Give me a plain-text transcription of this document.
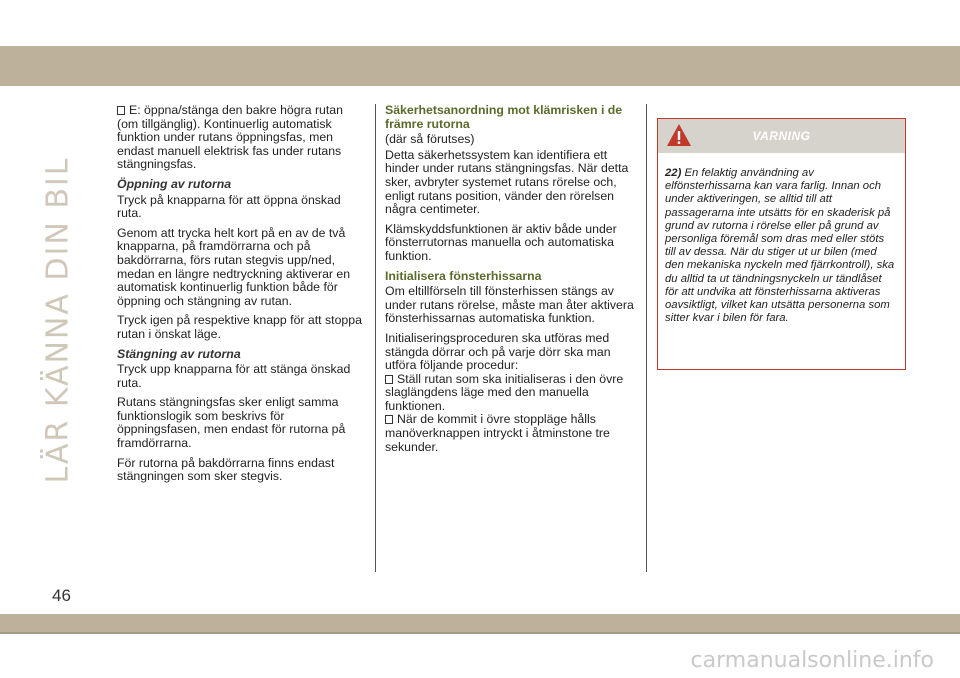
LÄR KÄNNA DIN BIL

E: öppna/stänga den bakre högra rutan (om tillgänglig). Kontinuerlig automatisk funktion under rutans öppningsfas, men endast manuell elektrisk fas under rutans stängningsfas.

Öppning av rutorna

Tryck på knapparna för att öppna önskad ruta.

Genom att trycka helt kort på en av de två knapparna, på framdörrarna och på bakdörrarna, förs rutan stegvis upp/ned, medan en längre nedtryckning aktiverar en automatisk kontinuerlig funktion både för öppning och stängning av rutan.

Tryck igen på respektive knapp för att stoppa rutan i önskat läge.

Stängning av rutorna

Tryck upp knapparna för att stänga önskad ruta.

Rutans stängningsfas sker enligt samma funktionslogik som beskrivs för öppningsfasen, men endast för rutorna på framdörrarna.

För rutorna på bakdörrarna finns endast stängningen som sker stegvis.

Säkerhetsanordning mot klämrisken i de främre rutorna

(där så förutses)

Detta säkerhetssystem kan identifiera ett hinder under rutans stängningsfas. När detta sker, avbryter systemet rutans rörelse och, enligt rutans position, vänder den rörelsen några centimeter.

Klämskyddsfunktionen är aktiv både under fönsterrutornas manuella och automatiska funktion.

Initialisera fönsterhissarna

Om eltillförseln till fönsterhissen stängs av under rutans rörelse, måste man åter aktivera fönsterhissarnas automatiska funktion.

Initialiseringsproceduren ska utföras med stängda dörrar och på varje dörr ska man utföra följande procedur:

Ställ rutan som ska initialiseras i den övre slaglängdens läge med den manuella funktionen.

När de kommit i övre stoppläge hålls manöverknappen intryckt i åtminstone tre sekunder.

VARNING
22) En felaktig användning av elfönsterhissarna kan vara farlig. Innan och under aktiveringen, se alltid till att passagerarna inte utsätts för en skaderisk på grund av rutorna i rörelse eller på grund av personliga föremål som dras med eller stöts till av dessa. När du stiger ut ur bilen (med den mekaniska nyckeln med fjärrkontroll), ska du alltid ta ut tändningsnyckeln ur tändlåset för att undvika att fönsterhissarna aktiveras oavsiktligt, vilket kan utsätta personerna som sitter kvar i bilen för fara.
46
carmanualsonline.info
